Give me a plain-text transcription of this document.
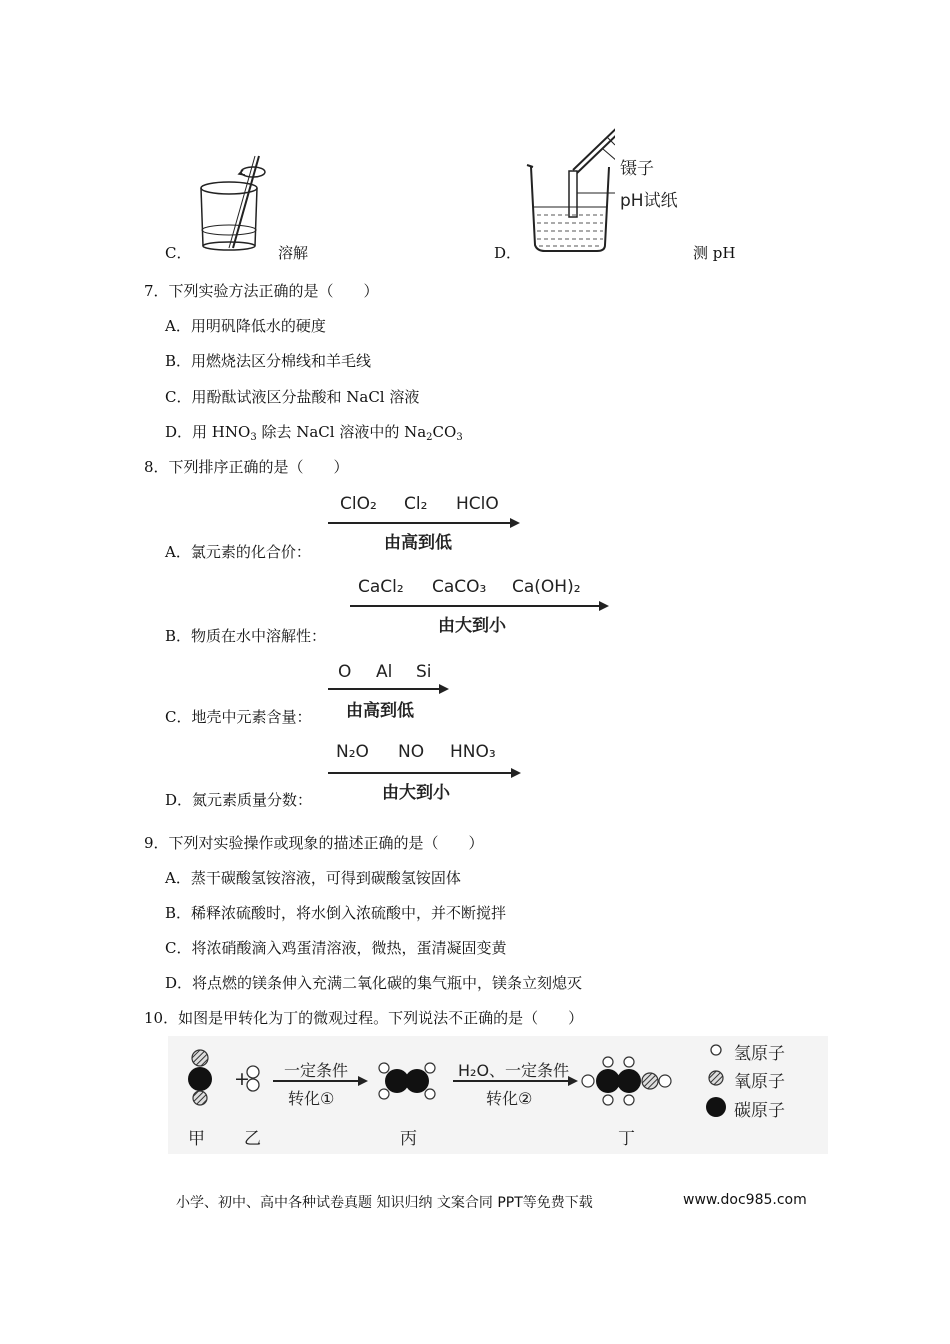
C．	溶解	D．
镊子
pH试纸
测 pH
7．下列实验方法正确的是（　　）
A．用明矾降低水的硬度
B．用燃烧法区分棉线和羊毛线
C．用酚酞试液区分盐酸和 NaCl 溶液
D．用 $HNO_3$ 除去 NaCl 溶液中的 $Na_2CO_3$
8．下列排序正确的是（　　）
A．氯元素的化合价：
ClO₂ Cl₂ HClO
由高到低
B．物质在水中溶解性：
CaCl₂ CaCO₃ Ca(OH)₂
由大到小
C．地壳中元素含量：
O Al Si
由高到低
D．氮元素质量分数：
N₂O NO HNO₃
由大到小
9．下列对实验操作或现象的描述正确的是（　　）
A．蒸干碳酸氢铵溶液，可得到碳酸氢铵固体
B．稀释浓硫酸时，将水倒入浓硫酸中，并不断搅拌
C．将浓硝酸滴入鸡蛋清溶液，微热，蛋清凝固变黄
D．将点燃的镁条伸入充满二氧化碳的集气瓶中，镁条立刻熄灭
10．如图是甲转化为丁的微观过程。下列说法不正确的是（　　）
+ 一定条件
转化①
H₂O、一定条件
转化②
甲 乙	丙	丁
氢原子
氧原子
碳原子
小学、初中、高中各种试卷真题 知识归纳 文案合同 PPT等免费下载	www.doc985.com
